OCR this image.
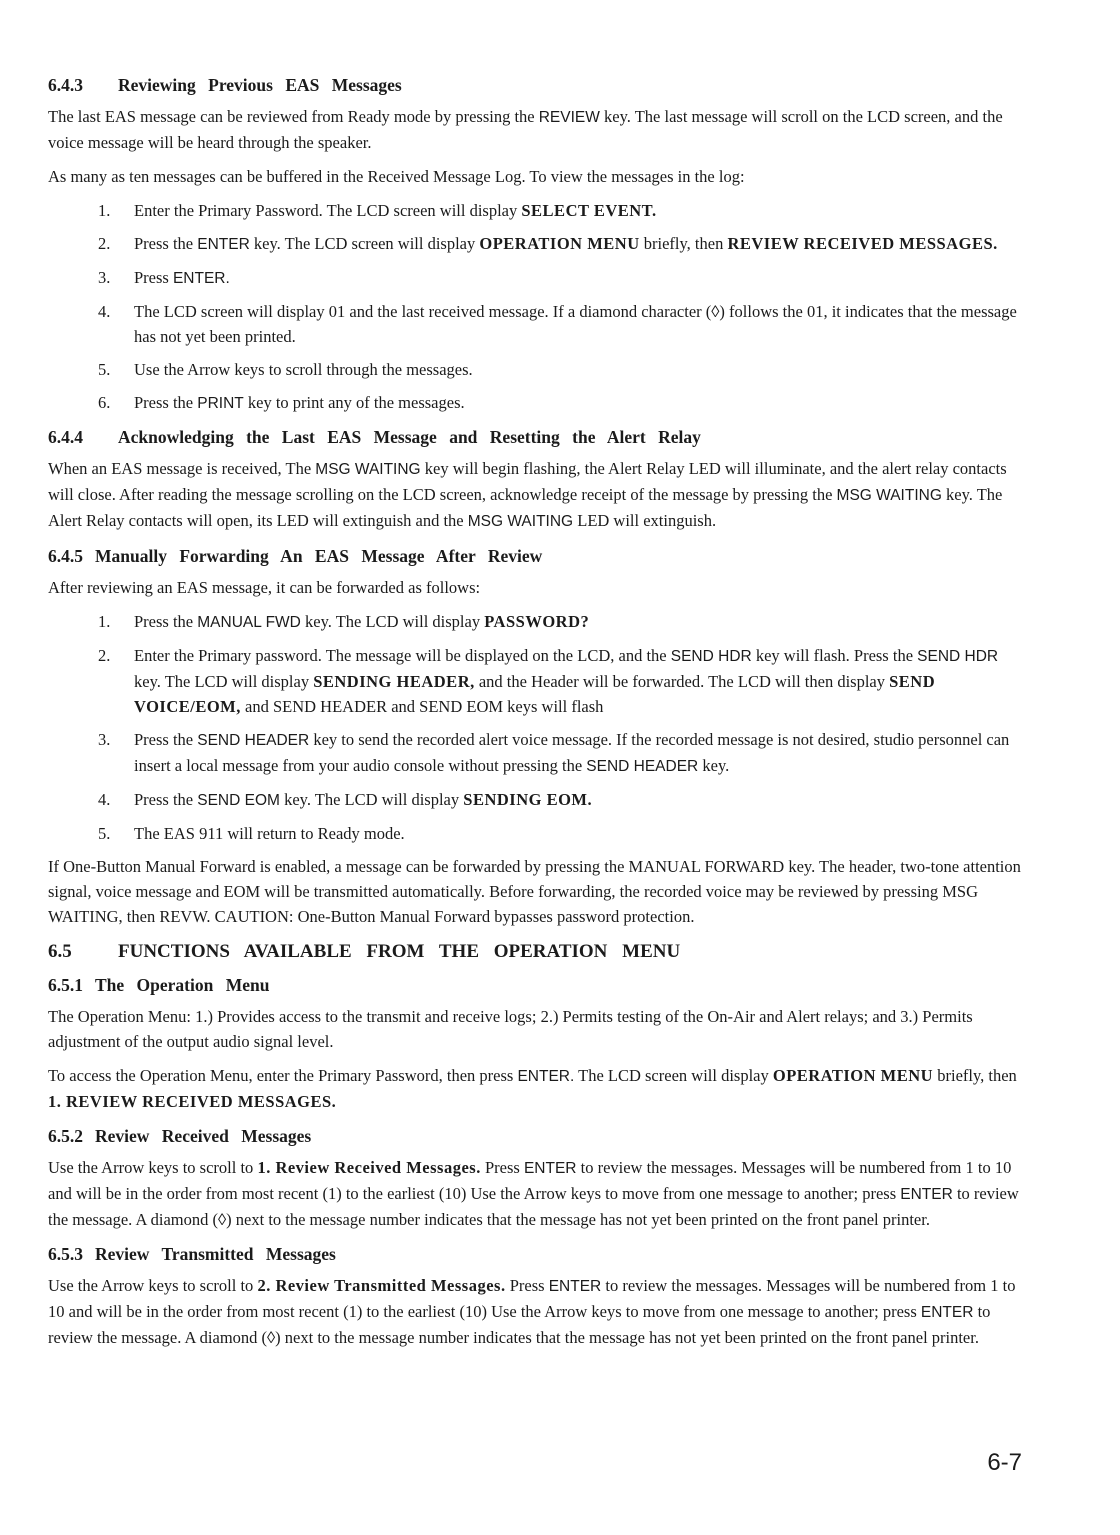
6.4.3 Reviewing Previous EAS Messages

The last EAS message can be reviewed from Ready mode by pressing the REVIEW key. The last message will scroll on the LCD screen, and the voice message will be heard through the speaker.

As many as ten messages can be buffered in the Received Message Log. To view the messages in the log:

1.	Enter the Primary Password. The LCD screen will display SELECT EVENT.
2.	Press the ENTER key. The LCD screen will display OPERATION MENU briefly, then REVIEW RECEIVED MESSAGES.
3.	Press ENTER.
4.	The LCD screen will display 01 and the last received message. If a diamond character (◊) follows the 01, it indicates that the message has not yet been printed.
5.	Use the Arrow keys to scroll through the messages.
6.	Press the PRINT key to print any of the messages.
6.4.4 Acknowledging the Last EAS Message and Resetting the Alert Relay

When an EAS message is received, The MSG WAITING key will begin flashing, the Alert Relay LED will illuminate, and the alert relay contacts will close. After reading the message scrolling on the LCD screen, acknowledge receipt of the message by pressing the MSG WAITING key. The Alert Relay contacts will open, its LED will extinguish and the MSG WAITING LED will extinguish.

6.4.5 Manually Forwarding An EAS Message After Review

After reviewing an EAS message, it can be forwarded as follows:

1.	Press the MANUAL FWD key. The LCD will display PASSWORD?
2.	Enter the Primary password. The message will be displayed on the LCD, and the SEND HDR key will flash. Press the SEND HDR key. The LCD will display SENDING HEADER, and the Header will be forwarded. The LCD will then display SEND VOICE/EOM, and SEND HEADER and SEND EOM keys will flash
3.	Press the SEND HEADER key to send the recorded alert voice message. If the recorded message is not desired, studio personnel can insert a local message from your audio console without pressing the SEND HEADER key.
4.	Press the SEND EOM key. The LCD will display SENDING EOM.
5.	The EAS 911 will return to Ready mode.

If One-Button Manual Forward is enabled, a message can be forwarded by pressing the MANUAL FORWARD key. The header, two-tone attention signal, voice message and EOM will be transmitted automatically. Before forwarding, the recorded voice may be reviewed by pressing MSG WAITING, then REVW. CAUTION: One-Button Manual Forward bypasses password protection.

6.5 FUNCTIONS AVAILABLE FROM THE OPERATION MENU
6.5.1 The Operation Menu

The Operation Menu: 1.) Provides access to the transmit and receive logs; 2.) Permits testing of the On-Air and Alert relays; and 3.) Permits adjustment of the output audio signal level.

To access the Operation Menu, enter the Primary Password, then press ENTER. The LCD screen will display OPERATION MENU briefly, then 1. REVIEW RECEIVED MESSAGES.

6.5.2 Review Received Messages

Use the Arrow keys to scroll to 1. Review Received Messages. Press ENTER to review the messages. Messages will be numbered from 1 to 10 and will be in the order from most recent (1) to the earliest (10) Use the Arrow keys to move from one message to another; press ENTER to review the message. A diamond (◊) next to the message number indicates that the message has not yet been printed on the front panel printer.

6.5.3 Review Transmitted Messages

Use the Arrow keys to scroll to 2. Review Transmitted Messages. Press ENTER to review the messages. Messages will be numbered from 1 to 10 and will be in the order from most recent (1) to the earliest (10) Use the Arrow keys to move from one message to another; press ENTER to review the message. A diamond (◊) next to the message number indicates that the message has not yet been printed on the front panel printer.

6-7
